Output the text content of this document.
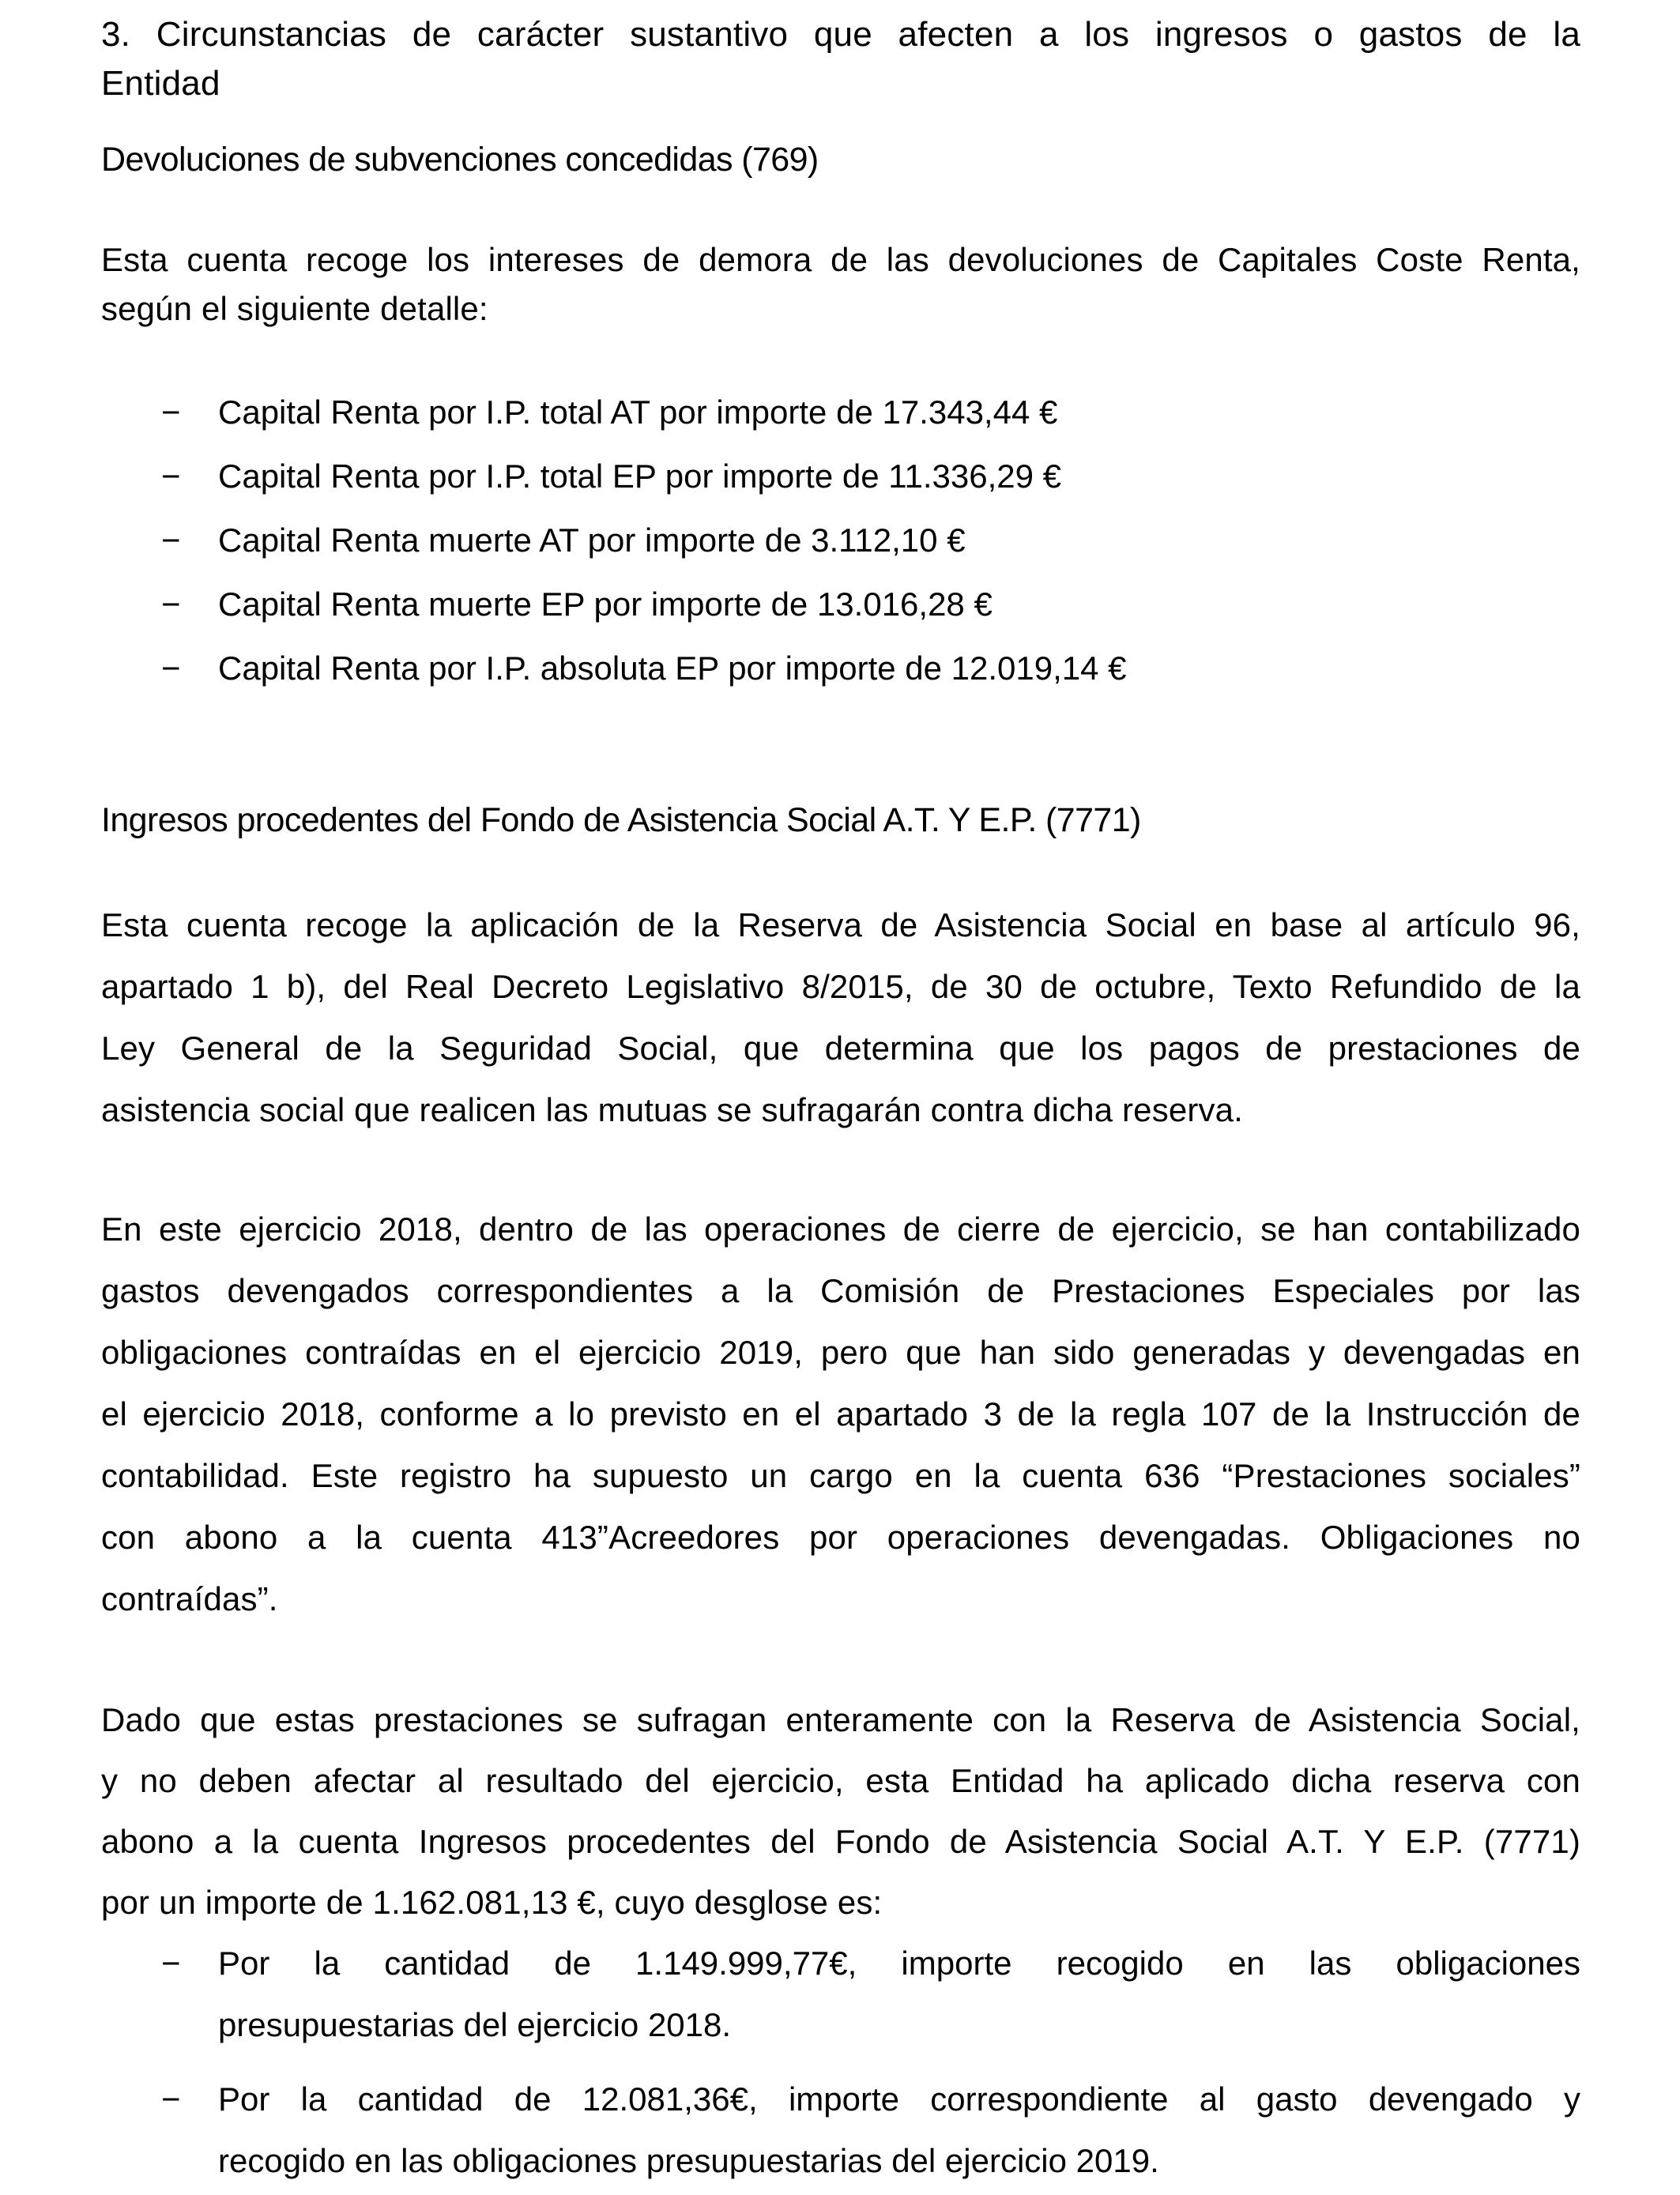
3. Circunstancias de carácter sustantivo que afecten a los ingresos o gastos de la
Entidad
Devoluciones de subvenciones concedidas (769)
Esta cuenta recoge los intereses de demora de las devoluciones de Capitales Coste Renta,
según el siguiente detalle:
− Capital Renta por I.P. total AT por importe de 17.343,44 €
− Capital Renta por I.P. total EP por importe de 11.336,29 €
− Capital Renta muerte AT por importe de 3.112,10 €
− Capital Renta muerte EP por importe de 13.016,28 €
− Capital Renta por I.P. absoluta EP por importe de 12.019,14 €
Ingresos procedentes del Fondo de Asistencia Social A.T. Y E.P. (7771)
Esta cuenta recoge la aplicación de la Reserva de Asistencia Social en base al artículo 96,
apartado 1 b), del Real Decreto Legislativo 8/2015, de 30 de octubre, Texto Refundido de la
Ley General de la Seguridad Social, que determina que los pagos de prestaciones de
asistencia social que realicen las mutuas se sufragarán contra dicha reserva.
En este ejercicio 2018, dentro de las operaciones de cierre de ejercicio, se han contabilizado
gastos devengados correspondientes a la Comisión de Prestaciones Especiales por las
obligaciones contraídas en el ejercicio 2019, pero que han sido generadas y devengadas en
el ejercicio 2018, conforme a lo previsto en el apartado 3 de la regla 107 de la Instrucción de
contabilidad. Este registro ha supuesto un cargo en la cuenta 636 “Prestaciones sociales”
con abono a la cuenta 413”Acreedores por operaciones devengadas. Obligaciones no
contraídas”.
Dado que estas prestaciones se sufragan enteramente con la Reserva de Asistencia Social,
y no deben afectar al resultado del ejercicio, esta Entidad ha aplicado dicha reserva con
abono a la cuenta Ingresos procedentes del Fondo de Asistencia Social A.T. Y E.P. (7771)
por un importe de 1.162.081,13 €, cuyo desglose es:
− Por la cantidad de 1.149.999,77€, importe recogido en las obligaciones
presupuestarias del ejercicio 2018.
− Por la cantidad de 12.081,36€, importe correspondiente al gasto devengado y
recogido en las obligaciones presupuestarias del ejercicio 2019.
